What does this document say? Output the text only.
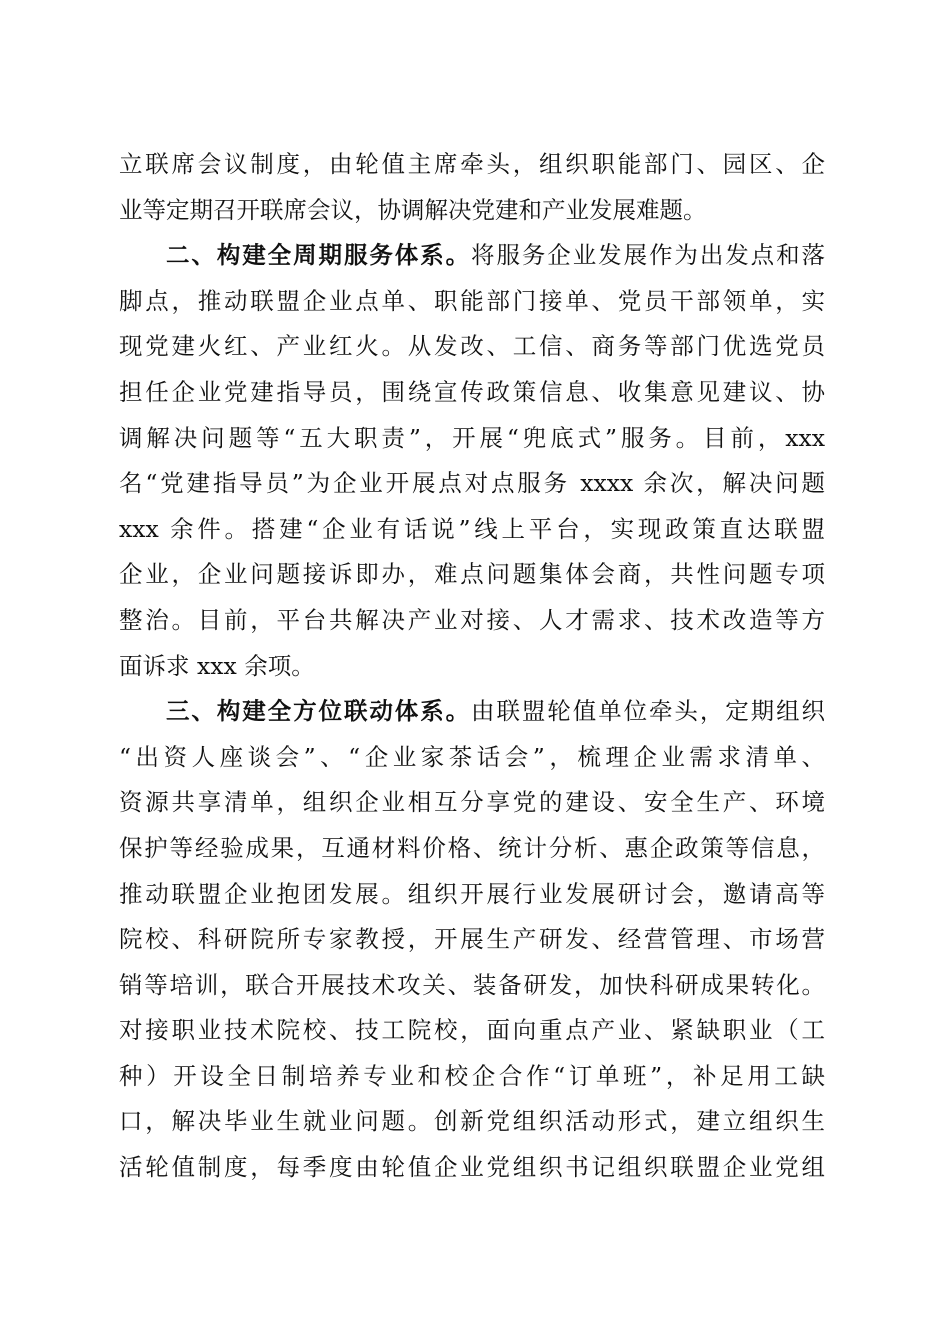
立联席会议制度，由轮值主席牵头，组织职能部门、园区、企
业等定期召开联席会议，协调解决党建和产业发展难题。
二、构建全周期服务体系。将服务企业发展作为出发点和落
脚点，推动联盟企业点单、职能部门接单、党员干部领单，实
现党建火红、产业红火。从发改、工信、商务等部门优选党员
担任企业党建指导员，围绕宣传政策信息、收集意见建议、协
调解决问题等“五大职责”，开展“兜底式”服务。目前，xxx
名“党建指导员”为企业开展点对点服务 xxxx 余次，解决问题
xxx 余件。搭建“企业有话说”线上平台，实现政策直达联盟
企业，企业问题接诉即办，难点问题集体会商，共性问题专项
整治。目前，平台共解决产业对接、人才需求、技术改造等方
面诉求 xxx 余项。
三、构建全方位联动体系。由联盟轮值单位牵头，定期组织
“出资人座谈会”、“企业家茶话会”，梳理企业需求清单、
资源共享清单，组织企业相互分享党的建设、安全生产、环境
保护等经验成果，互通材料价格、统计分析、惠企政策等信息，
推动联盟企业抱团发展。组织开展行业发展研讨会，邀请高等
院校、科研院所专家教授，开展生产研发、经营管理、市场营
销等培训，联合开展技术攻关、装备研发，加快科研成果转化。
对接职业技术院校、技工院校，面向重点产业、紧缺职业（工
种）开设全日制培养专业和校企合作“订单班”，补足用工缺
口，解决毕业生就业问题。创新党组织活动形式，建立组织生
活轮值制度，每季度由轮值企业党组织书记组织联盟企业党组
